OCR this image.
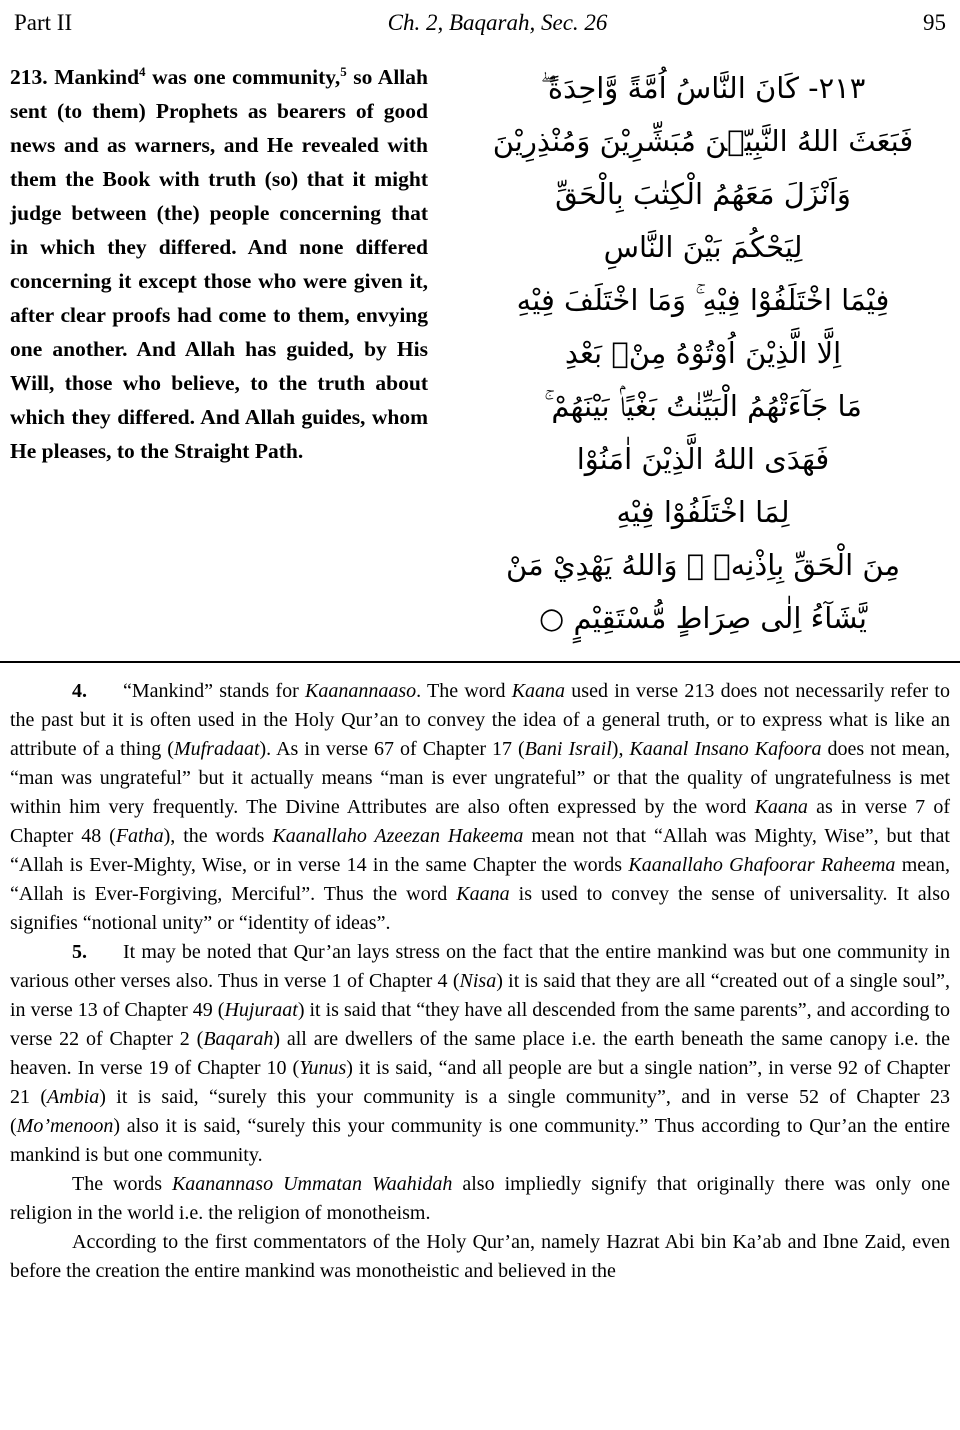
Part II	Ch. 2, Baqarah, Sec. 26	95
213. Mankind$^4$ was one community,$^5$ so Allah sent (to them) Prophets as bearers of good news and as warners, and He revealed with them the Book with truth (so) that it might judge between (the) people concerning that in which they differed. And none differed concerning it except those who were given it, after clear proofs had come to them, envying one another. And Allah has guided, by His Will, those who believe, to the truth about which they differed. And Allah guides, whom He pleases, to the Straight Path.
٢١٣- كَانَ النَّاسُ اُمَّةً وَّاحِدَةً ۖ
فَبَعَثَ اللهُ النَّبِيّٖنَ مُبَشِّرِيْنَ وَمُنْذِرِيْنَ
وَاَنْزَلَ مَعَهُمُ الْكِتٰبَ بِالْحَقِّ
لِيَحْكُمَ بَيْنَ النَّاسِ
فِيْمَا اخْتَلَفُوْا فِيْهِ ۚ وَمَا اخْتَلَفَ فِيْهِ
اِلَّا الَّذِيْنَ اُوْتُوْهُ مِنْۢ بَعْدِ
مَا جَآءَتْهُمُ الْبَيِّنٰتُ بَغْيًاۢ بَيْنَهُمْ ۚ
فَهَدَى اللهُ الَّذِيْنَ اٰمَنُوْا
لِمَا اخْتَلَفُوْا فِيْهِ
مِنَ الْحَقِّ بِاِذْنِهٖ ۗ وَاللهُ يَهْدِيْ مَنْ
يَّشَآءُ اِلٰى صِرَاطٍ مُّسْتَقِيْمٍ ○

4. “Mankind” stands for Kaanannaaso. The word Kaana used in verse 213 does not necessarily refer to the past but it is often used in the Holy Qur’an to convey the idea of a general truth, or to express what is like an attribute of a thing (Mufradaat). As in verse 67 of Chapter 17 (Bani Israil), Kaanal Insano Kafoora does not mean, “man was ungrateful” but it actually means “man is ever ungrateful” or that the quality of ungratefulness is met within him very frequently. The Divine Attributes are also often expressed by the word Kaana as in verse 7 of Chapter 48 (Fatha), the words Kaanallaho Azeezan Hakeema mean not that “Allah was Mighty, Wise”, but that “Allah is Ever-Mighty, Wise, or in verse 14 in the same Chapter the words Kaanallaho Ghafoorar Raheema mean, “Allah is Ever-Forgiving, Merciful”. Thus the word Kaana is used to convey the sense of universality. It also signifies “notional unity” or “identity of ideas”.

5. It may be noted that Qur’an lays stress on the fact that the entire mankind was but one community in various other verses also. Thus in verse 1 of Chapter 4 (Nisa) it is said that they are all “created out of a single soul”, in verse 13 of Chapter 49 (Hujuraat) it is said that “they have all descended from the same parents”, and according to verse 22 of Chapter 2 (Baqarah) all are dwellers of the same place i.e. the earth beneath the same canopy i.e. the heaven. In verse 19 of Chapter 10 (Yunus) it is said, “and all people are but a single nation”, in verse 92 of Chapter 21 (Ambia) it is said, “surely this your community is a single community”, and in verse 52 of Chapter 23 (Mo’menoon) also it is said, “surely this your community is one community.” Thus according to Qur’an the entire mankind is but one community.

The words Kaanannaso Ummatan Waahidah also impliedly signify that originally there was only one religion in the world i.e. the religion of monotheism.

According to the first commentators of the Holy Qur’an, namely Hazrat Abi bin Ka’ab and Ibne Zaid, even before the creation the entire mankind was monotheistic and believed in the
